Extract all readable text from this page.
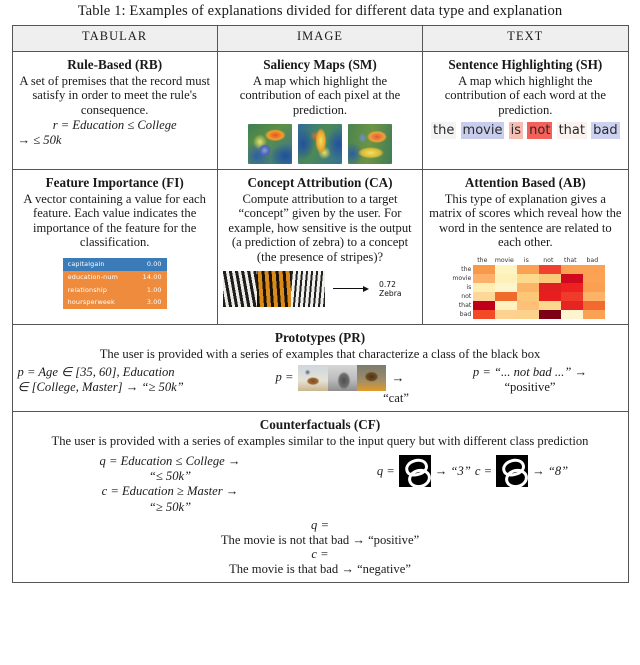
Table 1: Examples of explanations divided for different data type and explanation
TABULAR	IMAGE	TEXT

Rule-Based (RB)
A set of premises that the record must satisfy in order to meet the rule's consequence.
r = Education ≤ College
→ ≤ 50k

Saliency Maps (SM)
A map which highlight the contribution of each pixel at the prediction.

Sentence Highlighting (SH)
A map which highlight the contribution of each word at the prediction.
the movie is not that bad

Feature Importance (FI)
A vector containing a value for each feature. Each value indicates the importance of the feature for the classification.
capitalgain	0.00
education-num	14.00
relationship	1.00
hoursperweek	3.00

Concept Attribution (CA)
Compute attribution to a target “concept” given by the user. For example, how sensitive is the output (a prediction of zebra) to a concept (the presence of stripes)?
0.72 Zebra

Attention Based (AB)
This type of explanation gives a matrix of scores which reveal how the word in the sentence are related to each other.
the	movie	is	not	that	bad
the
movie
is
not
that
bad

Prototypes (PR)
The user is provided with a series of examples that characterize a class of the black box
p = Age ∈ [35, 60], Education
∈ [College, Master] → “≥ 50k”
p =	→
“cat”
p = “... not bad ...” →
“positive”

Counterfactuals (CF)
The user is provided with a series of examples similar to the input query but with different class prediction
q = Education ≤ College →
“≤ 50k”
c = Education ≥ Master →
“≥ 50k”
q =	→ “3” c =	→ “8”
q =
The movie is not that bad → “positive”
c =
The movie is that bad → “negative”
